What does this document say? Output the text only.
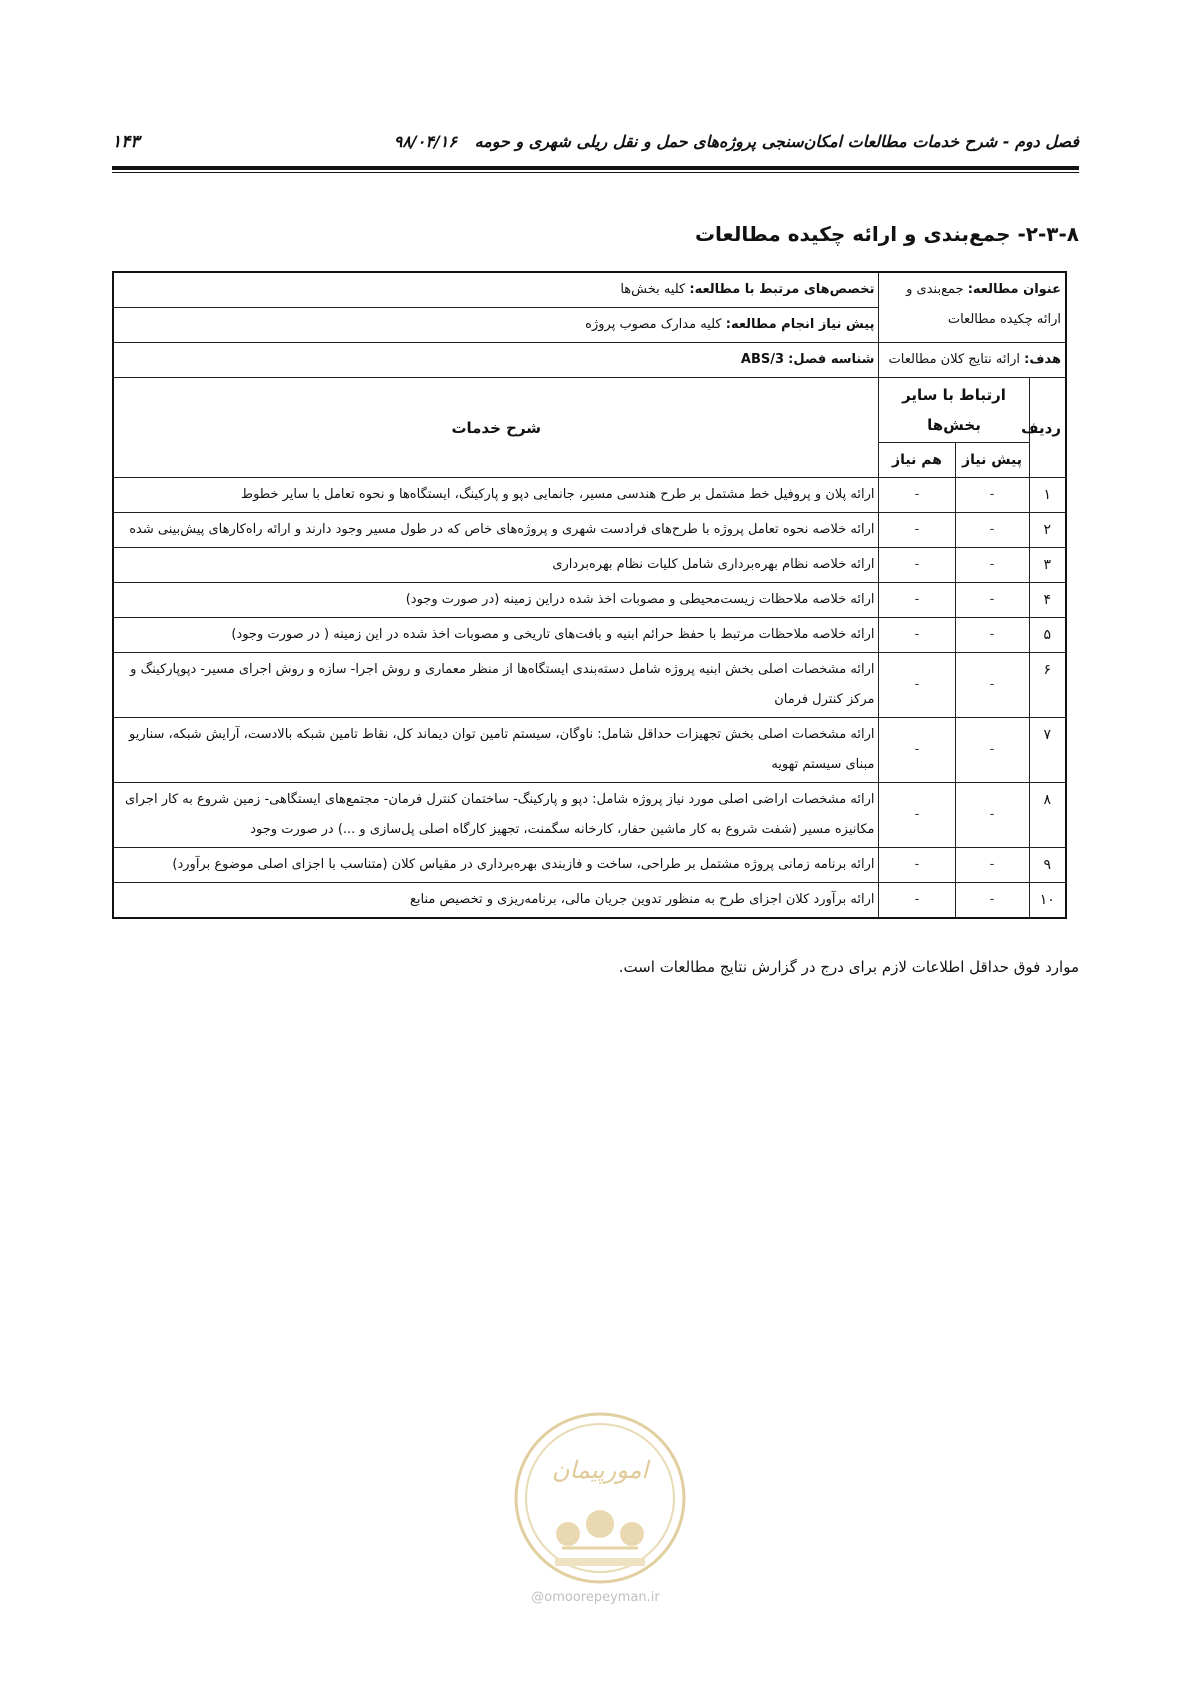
فصل دوم - شرح خدمات مطالعات امکان‌سنجی پروژه‌های حمل و نقل ریلی شهری و حومه ۹۸/۰۴/۱۶
۱۴۳
۲-۳-۸- جمع‌بندی و ارائه چکیده مطالعات
عنوان مطالعه: جمع‌بندی و
ارائه چکیده مطالعات			تخصص‌های مرتبط با مطالعه: کلیه بخش‌ها
			پیش نیاز انجام مطالعه: کلیه مدارک مصوب پروژه
هدف: ارائه نتایج کلان مطالعات			شناسه فصل: ABS/3
ردیف	ارتباط با سایر بخش‌ها		شرح خدمات
	پیش نیاز	هم نیاز	
۱	-	-	ارائه پلان و پروفیل خط مشتمل بر طرح هندسی مسیر، جانمایی دپو و پارکینگ، ایستگاه‌ها و نحوه تعامل با سایر خطوط
۲	-	-	ارائه خلاصه نحوه تعامل پروژه با طرح‌های فرادست شهری و پروژه‌های خاص که در طول مسیر وجود دارند و ارائه راه‌کارهای پیش‌بینی شده
۳	-	-	ارائه خلاصه نظام بهره‌برداری شامل کلیات نظام بهره‌برداری
۴	-	-	ارائه خلاصه ملاحظات زیست‌محیطی و مصوبات اخذ شده دراین زمینه (در صورت وجود)
۵	-	-	ارائه خلاصه ملاحظات مرتبط با حفظ حرائم ابنیه و بافت‌های تاریخی و مصوبات اخذ شده در این زمینه ( در صورت وجود)
۶	-	-	ارائه مشخصات اصلی بخش ابنیه پروژه شامل دسته‌بندی ایستگاه‌ها از منظر معماری و روش اجرا- سازه و روش اجرای مسیر- دپوپارکینگ و مرکز کنترل فرمان
۷	-	-	ارائه مشخصات اصلی بخش تجهیزات حداقل شامل: ناوگان، سیستم تامین توان دیماند کل، نقاط تامین شبکه بالادست، آرایش شبکه، سناریو مبنای سیستم تهویه
۸	-	-	ارائه مشخصات اراضی اصلی مورد نیاز پروژه شامل: دپو و پارکینگ- ساختمان کنترل فرمان- مجتمع‌های ایستگاهی- زمین شروع به کار اجرای مکانیزه مسیر (شفت شروع به کار ماشین حفار، کارخانه سگمنت، تجهیز کارگاه اصلی پل‌سازی و ...) در صورت وجود
۹	-	-	ارائه برنامه زمانی پروژه مشتمل بر طراحی، ساخت و فازبندی بهره‌برداری در مقیاس کلان (متناسب با اجزای اصلی موضوع برآورد)
۱۰	-	-	ارائه برآورد کلان اجزای طرح به منظور تدوین جریان مالی، برنامه‌ریزی و تخصیص منابع
موارد فوق حداقل اطلاعات لازم برای درج در گزارش نتایج مطالعات است.
امورپیمان
@omoorepeyman.ir
